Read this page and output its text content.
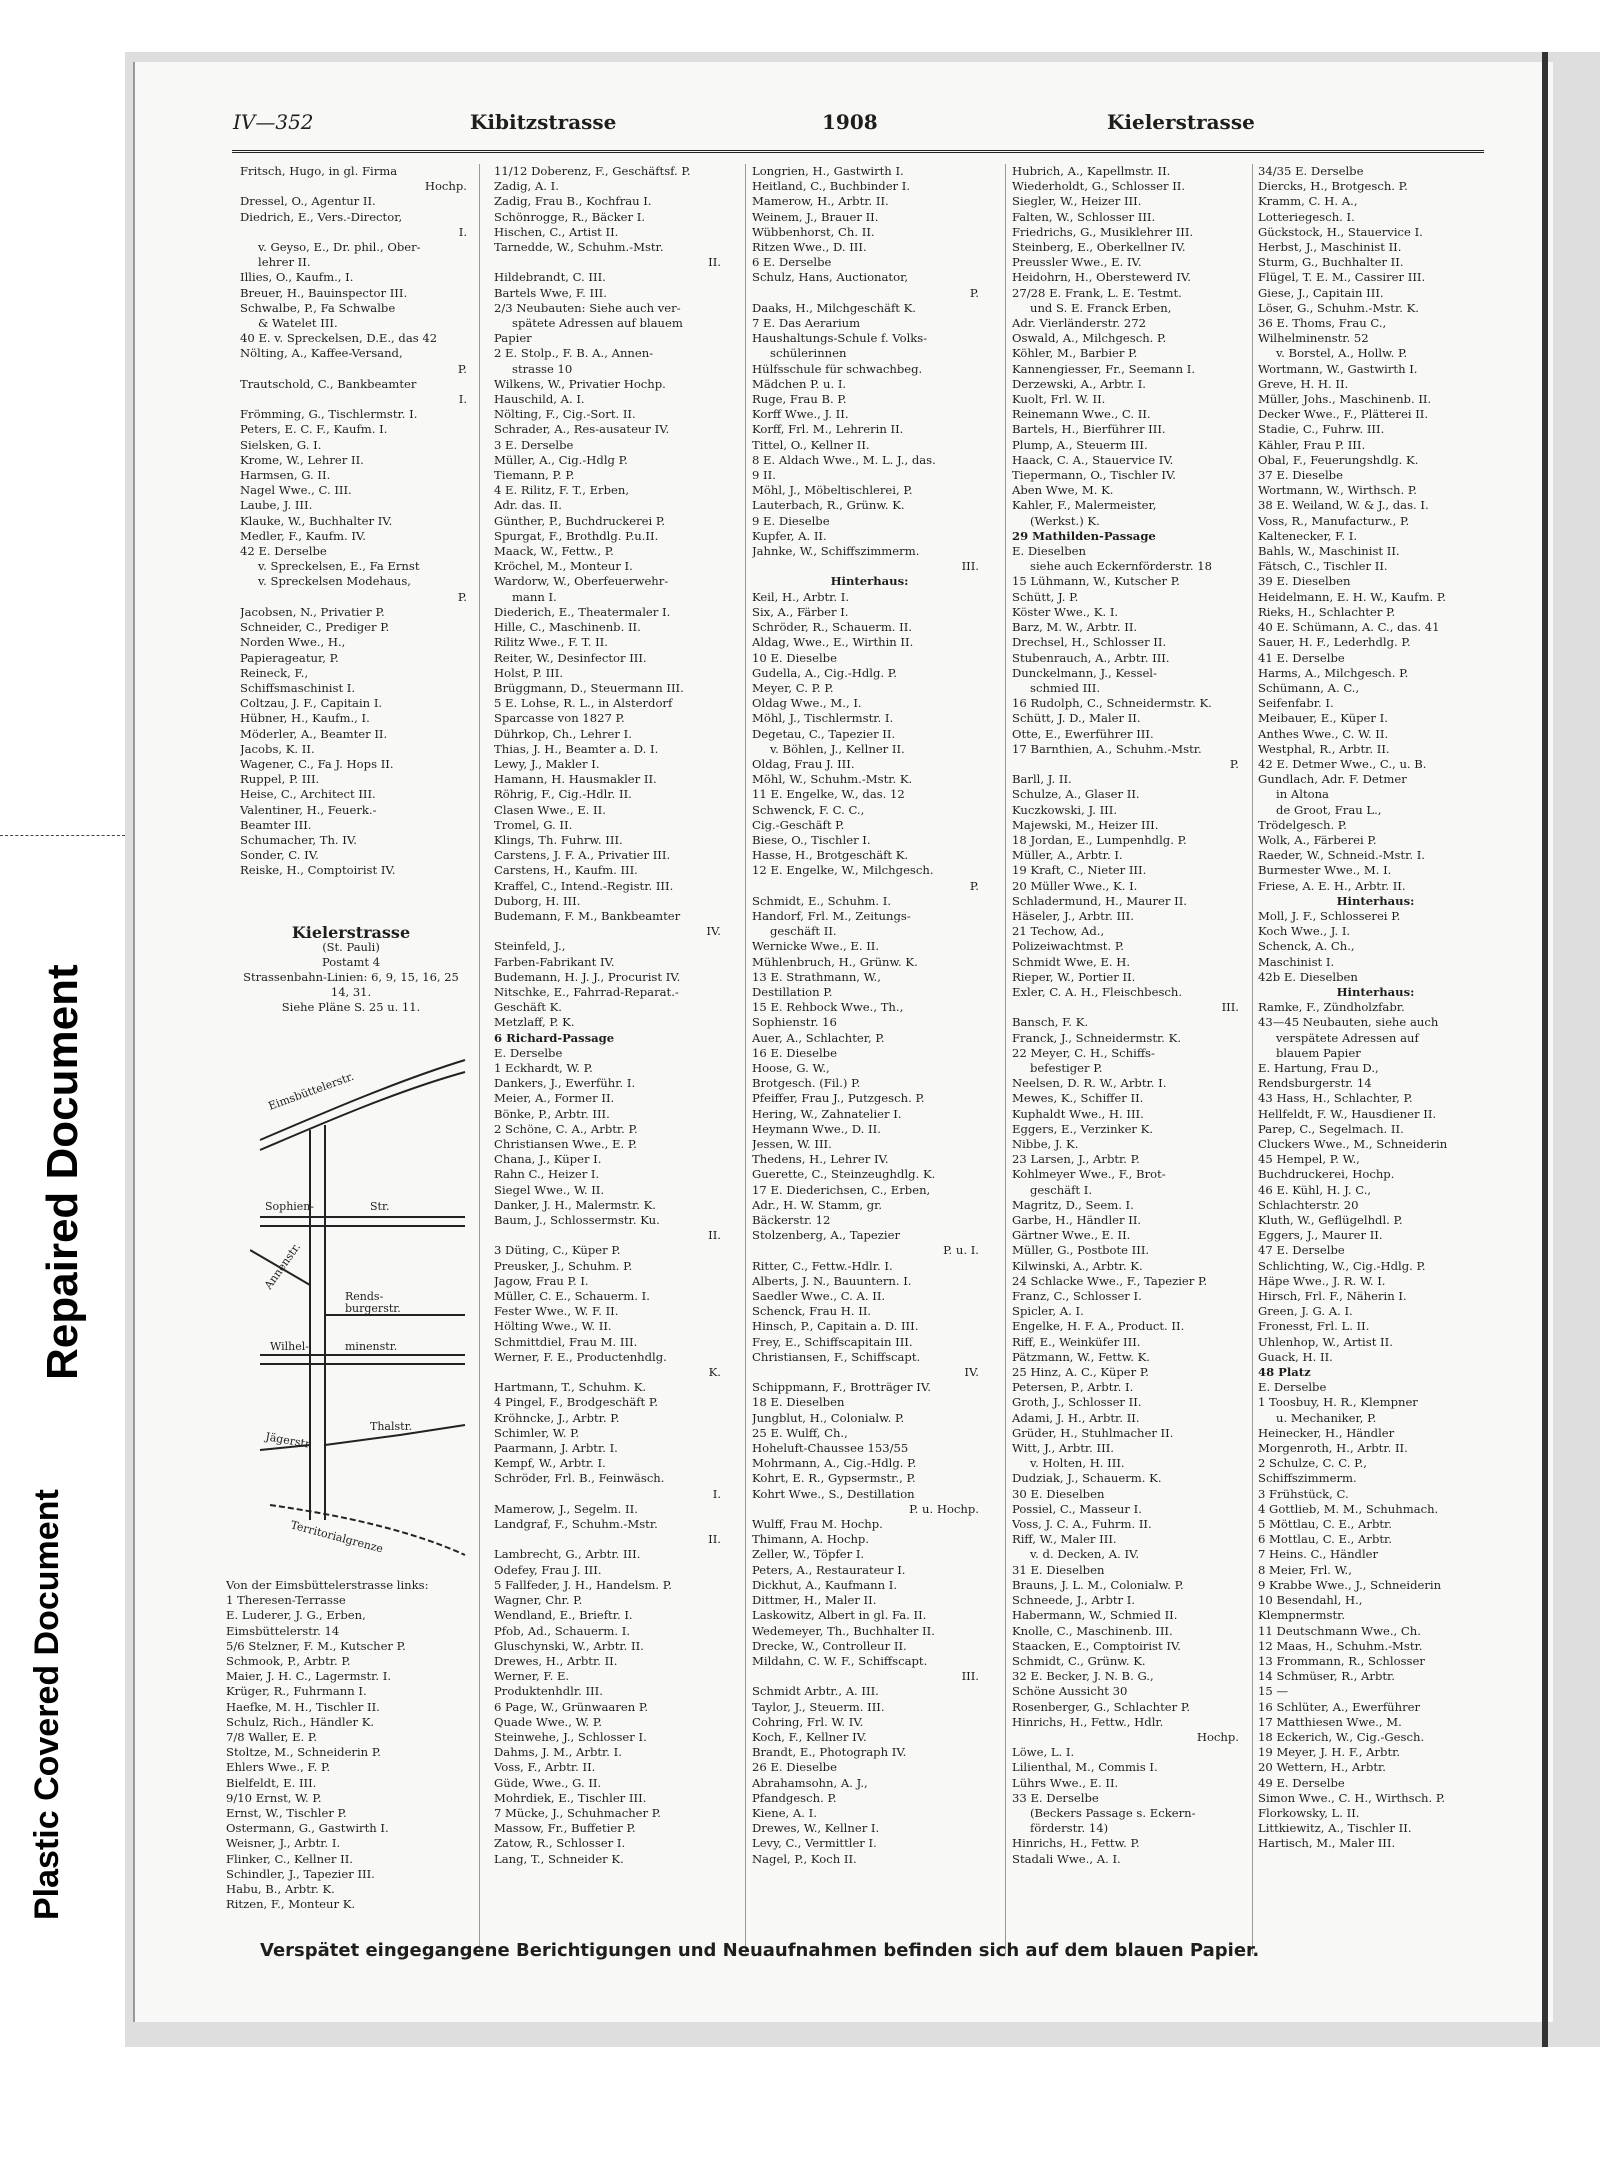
Plastic Covered Document
Repaired Document
IV—352	Kibitzstrasse	1908	Kielerstrasse
Fritsch, Hugo, in gl. Firma
Hochp.
Dressel, O., Agentur II.
Diedrich, E., Vers.-Director,
I.
v. Geyso, E., Dr. phil., Ober-
lehrer II.
Illies, O., Kaufm., I.
Breuer, H., Bauinspector III.
Schwalbe, P., Fa Schwalbe
& Watelet III.
40 E. v. Spreckelsen, D.E., das 42
Nölting, A., Kaffee-Versand,
P.
Trautschold, C., Bankbeamter
I.
Frömming, G., Tischlermstr. I.
Peters, E. C. F., Kaufm. I.
Sielsken, G. I.
Krome, W., Lehrer II.
Harmsen, G. II.
Nagel Wwe., C. III.
Laube, J. III.
Klauke, W., Buchhalter IV.
Medler, F., Kaufm. IV.
42 E. Derselbe
v. Spreckelsen, E., Fa Ernst
v. Spreckelsen Modehaus,
P.
Jacobsen, N., Privatier P.
Schneider, C., Prediger P.
Norden Wwe., H.,
Papierageatur, P.
Reineck, F.,
Schiffsmaschinist I.
Coltzau, J. F., Capitain I.
Hübner, H., Kaufm., I.
Möderler, A., Beamter II.
Jacobs, K. II.
Wagener, C., Fa J. Hops II.
Ruppel, P. III.
Heise, C., Architect III.
Valentiner, H., Feuerk.-
Beamter III.
Schumacher, Th. IV.
Sonder, C. IV.
Reiske, H., Comptoirist IV.
11/12 Doberenz, F., Geschäftsf. P.
Zadig, A. I.
Zadig, Frau B., Kochfrau I.
Schönrogge, R., Bäcker I.
Hischen, C., Artist II.
Tarnedde, W., Schuhm.-Mstr.
II.
Hildebrandt, C. III.
Bartels Wwe, F. III.
2/3 Neubauten: Siehe auch ver-
spätete Adressen auf blauem
Papier
2 E. Stolp., F. B. A., Annen-
strasse 10
Wilkens, W., Privatier Hochp.
Hauschild, A. I.
Nölting, F., Cig.-Sort. II.
Schrader, A., Res-ausateur IV.
3 E. Derselbe
Müller, A., Cig.-Hdlg P.
Tiemann, P. P.
4 E. Rilitz, F. T., Erben,
Adr. das. II.
Günther, P., Buchdruckerei P.
Spurgat, F., Brothdlg. P.u.II.
Maack, W., Fettw., P.
Kröchel, M., Monteur I.
Wardorw, W., Oberfeuerwehr-
mann I.
Diederich, E., Theatermaler I.
Hille, C., Maschinenb. II.
Rilitz Wwe., F. T. II.
Reiter, W., Desinfector III.
Holst, P. III.
Brüggmann, D., Steuermann III.
5 E. Lohse, R. L., in Alsterdorf
Sparcasse von 1827 P.
Dührkop, Ch., Lehrer I.
Thias, J. H., Beamter a. D. I.
Lewy, J., Makler I.
Hamann, H. Hausmakler II.
Röhrig, F., Cig.-Hdlr. II.
Clasen Wwe., E. II.
Tromel, G. II.
Klings, Th. Fuhrw. III.
Carstens, J. F. A., Privatier III.
Carstens, H., Kaufm. III.
Kraffel, C., Intend.-Registr. III.
Duborg, H. III.
Budemann, F. M., Bankbeamter
IV.
Steinfeld, J.,
Farben-Fabrikant IV.
Budemann, H. J. J., Procurist IV.
Nitschke, E., Fahrrad-Reparat.-
Geschäft K.
Metzlaff, P. K.
6 Richard-Passage
E. Derselbe
1 Eckhardt, W. P.
Dankers, J., Ewerführ. I.
Meier, A., Former II.
Bönke, P., Arbtr. III.
2 Schöne, C. A., Arbtr. P.
Christiansen Wwe., E. P.
Chana, J., Küper I.
Rahn C., Heizer I.
Siegel Wwe., W. II.
Danker, J. H., Malermstr. K.
Baum, J., Schlossermstr. Ku.
II.
3 Düting, C., Küper P.
Preusker, J., Schuhm. P.
Jagow, Frau P. I.
Müller, C. E., Schauerm. I.
Fester Wwe., W. F. II.
Hölting Wwe., W. II.
Schmittdiel, Frau M. III.
Werner, F. E., Productenhdlg.
K.
Hartmann, T., Schuhm. K.
4 Pingel, F., Brodgeschäft P.
Kröhncke, J., Arbtr. P.
Schimler, W. P.
Paarmann, J. Arbtr. I.
Kempf, W., Arbtr. I.
Schröder, Frl. B., Feinwäsch.
I.
Mamerow, J., Segelm. II.
Landgraf, F., Schuhm.-Mstr.
II.
Lambrecht, G., Arbtr. III.
Odefey, Frau J. III.
5 Fallfeder, J. H., Handelsm. P.
Wagner, Chr. P.
Wendland, E., Brieftr. I.
Pfob, Ad., Schauerm. I.
Gluschynski, W., Arbtr. II.
Drewes, H., Arbtr. II.
Werner, F. E.
Produktenhdlr. III.
6 Page, W., Grünwaaren P.
Quade Wwe., W. P.
Steinwehe, J., Schlosser I.
Dahms, J. M., Arbtr. I.
Voss, F., Arbtr. II.
Güde, Wwe., G. II.
Mohrdiek, E., Tischler III.
7 Mücke, J., Schuhmacher P.
Massow, Fr., Buffetier P.
Zatow, R., Schlosser I.
Lang, T., Schneider K.
Longrien, H., Gastwirth I.
Heitland, C., Buchbinder I.
Mamerow, H., Arbtr. II.
Weinem, J., Brauer II.
Wübbenhorst, Ch. II.
Ritzen Wwe., D. III.
6 E. Derselbe
Schulz, Hans, Auctionator,
P.
Daaks, H., Milchgeschäft K.
7 E. Das Aerarium
Haushaltungs-Schule f. Volks-
schülerinnen
Hülfsschule für schwachbeg.
Mädchen P. u. I.
Ruge, Frau B. P.
Korff Wwe., J. II.
Korff, Frl. M., Lehrerin II.
Tittel, O., Kellner II.
8 E. Aldach Wwe., M. L. J., das.
9 II.
Möhl, J., Möbeltischlerei, P.
Lauterbach, R., Grünw. K.
9 E. Dieselbe
Kupfer, A. II.
Jahnke, W., Schiffszimmerm.
III.
Hinterhaus:
Keil, H., Arbtr. I.
Six, A., Färber I.
Schröder, R., Schauerm. II.
Aldag, Wwe., E., Wirthin II.
10 E. Dieselbe
Gudella, A., Cig.-Hdlg. P.
Meyer, C. P. P.
Oldag Wwe., M., I.
Möhl, J., Tischlermstr. I.
Degetau, C., Tapezier II.
v. Böhlen, J., Kellner II.
Oldag, Frau J. III.
Möhl, W., Schuhm.-Mstr. K.
11 E. Engelke, W., das. 12
Schwenck, F. C. C.,
Cig.-Geschäft P.
Biese, O., Tischler I.
Hasse, H., Brotgeschäft K.
12 E. Engelke, W., Milchgesch.
P.
Schmidt, E., Schuhm. I.
Handorf, Frl. M., Zeitungs-
geschäft II.
Wernicke Wwe., E. II.
Mühlenbruch, H., Grünw. K.
13 E. Strathmann, W.,
Destillation P.
15 E. Rehbock Wwe., Th.,
Sophienstr. 16
Auer, A., Schlachter, P.
16 E. Dieselbe
Hoose, G. W.,
Brotgesch. (Fil.) P.
Pfeiffer, Frau J., Putzgesch. P.
Hering, W., Zahnatelier I.
Heymann Wwe., D. II.
Jessen, W. III.
Thedens, H., Lehrer IV.
Guerette, C., Steinzeughdlg. K.
17 E. Diederichsen, C., Erben,
Adr., H. W. Stamm, gr.
Bäckerstr. 12
Stolzenberg, A., Tapezier
P. u. I.
Ritter, C., Fettw.-Hdlr. I.
Alberts, J. N., Bauuntern. I.
Saedler Wwe., C. A. II.
Schenck, Frau H. II.
Hinsch, P., Capitain a. D. III.
Frey, E., Schiffscapitain III.
Christiansen, F., Schiffscapt.
IV.
Schippmann, F., Brotträger IV.
18 E. Dieselben
Jungblut, H., Colonialw. P.
25 E. Wulff, Ch.,
Hoheluft-Chaussee 153/55
Mohrmann, A., Cig.-Hdlg. P.
Kohrt, E. R., Gypsermstr., P.
Kohrt Wwe., S., Destillation
P. u. Hochp.
Wulff, Frau M. Hochp.
Thimann, A. Hochp.
Zeller, W., Töpfer I.
Peters, A., Restaurateur I.
Dickhut, A., Kaufmann I.
Dittmer, H., Maler II.
Laskowitz, Albert in gl. Fa. II.
Wedemeyer, Th., Buchhalter II.
Drecke, W., Controlleur II.
Mildahn, C. W. F., Schiffscapt.
III.
Schmidt Arbtr., A. III.
Taylor, J., Steuerm. III.
Cohring, Frl. W. IV.
Koch, F., Kellner IV.
Brandt, E., Photograph IV.
26 E. Dieselbe
Abrahamsohn, A. J.,
Pfandgesch. P.
Kiene, A. I.
Drewes, W., Kellner I.
Levy, C., Vermittler I.
Nagel, P., Koch II.
Hubrich, A., Kapellmstr. II.
Wiederholdt, G., Schlosser II.
Siegler, W., Heizer III.
Falten, W., Schlosser III.
Friedrichs, G., Musiklehrer III.
Steinberg, E., Oberkellner IV.
Preussler Wwe., E. IV.
Heidohrn, H., Oberstewerd IV.
27/28 E. Frank, L. E. Testmt.
und S. E. Franck Erben,
Adr. Vierländerstr. 272
Oswald, A., Milchgesch. P.
Köhler, M., Barbier P.
Kannengiesser, Fr., Seemann I.
Derzewski, A., Arbtr. I.
Kuolt, Frl. W. II.
Reinemann Wwe., C. II.
Bartels, H., Bierführer III.
Plump, A., Steuerm III.
Haack, C. A., Stauervice IV.
Tiepermann, O., Tischler IV.
Aben Wwe, M. K.
Kahler, F., Malermeister,
(Werkst.) K.
29 Mathilden-Passage
E. Dieselben
siehe auch Eckernförderstr. 18
15 Lühmann, W., Kutscher P.
Schütt, J. P.
Köster Wwe., K. I.
Barz, M. W., Arbtr. II.
Drechsel, H., Schlosser II.
Stubenrauch, A., Arbtr. III.
Dunckelmann, J., Kessel-
schmied III.
16 Rudolph, C., Schneidermstr. K.
Schütt, J. D., Maler II.
Otte, E., Ewerführer III.
17 Barnthien, A., Schuhm.-Mstr.
P.
Barll, J. II.
Schulze, A., Glaser II.
Kuczkowski, J. III.
Majewski, M., Heizer III.
18 Jordan, E., Lumpenhdlg. P.
Müller, A., Arbtr. I.
19 Kraft, C., Nieter III.
20 Müller Wwe., K. I.
Schladermund, H., Maurer II.
Häseler, J., Arbtr. III.
21 Techow, Ad.,
Polizeiwachtmst. P.
Schmidt Wwe, E. H.
Rieper, W., Portier II.
Exler, C. A. H., Fleischbesch.
III.
Bansch, F. K.
Franck, J., Schneidermstr. K.
22 Meyer, C. H., Schiffs-
befestiger P.
Neelsen, D. R. W., Arbtr. I.
Mewes, K., Schiffer II.
Kuphaldt Wwe., H. III.
Eggers, E., Verzinker K.
Nibbe, J. K.
23 Larsen, J., Arbtr. P.
Kohlmeyer Wwe., F., Brot-
geschäft I.
Magritz, D., Seem. I.
Garbe, H., Händler II.
Gärtner Wwe., E. II.
Müller, G., Postbote III.
Kilwinski, A., Arbtr. K.
24 Schlacke Wwe., F., Tapezier P.
Franz, C., Schlosser I.
Spicler, A. I.
Engelke, H. F. A., Product. II.
Riff, E., Weinküfer III.
Pätzmann, W., Fettw. K.
25 Hinz, A. C., Küper P.
Petersen, P., Arbtr. I.
Groth, J., Schlosser II.
Adami, J. H., Arbtr. II.
Grüder, H., Stuhlmacher II.
Witt, J., Arbtr. III.
v. Holten, H. III.
Dudziak, J., Schauerm. K.
30 E. Dieselben
Possiel, C., Masseur I.
Voss, J. C. A., Fuhrm. II.
Riff, W., Maler III.
v. d. Decken, A. IV.
31 E. Dieselben
Brauns, J. L. M., Colonialw. P.
Schneede, J., Arbtr I.
Habermann, W., Schmied II.
Knolle, C., Maschinenb. III.
Staacken, E., Comptoirist IV.
Schmidt, C., Grünw. K.
32 E. Becker, J. N. B. G.,
Schöne Aussicht 30
Rosenberger, G., Schlachter P.
Hinrichs, H., Fettw., Hdlr.
Hochp.
Löwe, L. I.
Lilienthal, M., Commis I.
Lührs Wwe., E. II.
33 E. Derselbe
(Beckers Passage s. Eckern-
förderstr. 14)
Hinrichs, H., Fettw. P.
Stadali Wwe., A. I.
34/35 E. Derselbe
Diercks, H., Brotgesch. P.
Kramm, C. H. A.,
Lotteriegesch. I.
Gückstock, H., Stauervice I.
Herbst, J., Maschinist II.
Sturm, G., Buchhalter II.
Flügel, T. E. M., Cassirer III.
Giese, J., Capitain III.
Löser, G., Schuhm.-Mstr. K.
36 E. Thoms, Frau C.,
Wilhelminenstr. 52
v. Borstel, A., Hollw. P.
Wortmann, W., Gastwirth I.
Greve, H. H. II.
Müller, Johs., Maschinenb. II.
Decker Wwe., F., Plätterei II.
Stadie, C., Fuhrw. III.
Kähler, Frau P. III.
Obal, F., Feuerungshdlg. K.
37 E. Dieselbe
Wortmann, W., Wirthsch. P.
38 E. Weiland, W. & J., das. I.
Voss, R., Manufacturw., P.
Kaltenecker, F. I.
Bahls, W., Maschinist II.
Fätsch, C., Tischler II.
39 E. Dieselben
Heidelmann, E. H. W., Kaufm. P.
Rieks, H., Schlachter P.
40 E. Schümann, A. C., das. 41
Sauer, H. F., Lederhdlg. P.
41 E. Derselbe
Harms, A., Milchgesch. P.
Schümann, A. C.,
Seifenfabr. I.
Meibauer, E., Küper I.
Anthes Wwe., C. W. II.
Westphal, R., Arbtr. II.
42 E. Detmer Wwe., C., u. B.
Gundlach, Adr. F. Detmer
in Altona
de Groot, Frau L.,
Trödelgesch. P.
Wolk, A., Färberei P.
Raeder, W., Schneid.-Mstr. I.
Burmester Wwe., M. I.
Friese, A. E. H., Arbtr. II.
Hinterhaus:
Moll, J. F., Schlosserei P.
Koch Wwe., J. I.
Schenck, A. Ch.,
Maschinist I.
42b E. Dieselben
Hinterhaus:
Ramke, F., Zündholzfabr.
43—45 Neubauten, siehe auch
verspätete Adressen auf
blauem Papier
E. Hartung, Frau D.,
Rendsburgerstr. 14
43 Hass, H., Schlachter, P.
Hellfeldt, F. W., Hausdiener II.
Parep, C., Segelmach. II.
Cluckers Wwe., M., Schneiderin
45 Hempel, P. W.,
Buchdruckerei, Hochp.
46 E. Kühl, H. J. C.,
Schlachterstr. 20
Kluth, W., Geflügelhdl. P.
Eggers, J., Maurer II.
47 E. Derselbe
Schlichting, W., Cig.-Hdlg. P.
Häpe Wwe., J. R. W. I.
Hirsch, Frl. F., Näherin I.
Green, J. G. A. I.
Fronesst, Frl. L. II.
Uhlenhop, W., Artist II.
Guack, H. II.
48 Platz
E. Derselbe
1 Toosbuy, H. R., Klempner
u. Mechaniker, P.
Heinecker, H., Händler
Morgenroth, H., Arbtr. II.
2 Schulze, C. C. P.,
Schiffszimmerm.
3 Frühstück, C.
4 Gottlieb, M. M., Schuhmach.
5 Möttlau, C. E., Arbtr.
6 Mottlau, C. E., Arbtr.
7 Heins. C., Händler
8 Meier, Frl. W.,
9 Krabbe Wwe., J., Schneiderin
10 Besendahl, H.,
Klempnermstr.
11 Deutschmann Wwe., Ch.
12 Maas, H., Schuhm.-Mstr.
13 Frommann, R., Schlosser
14 Schmüser, R., Arbtr.
15 —
16 Schlüter, A., Ewerführer
17 Matthiesen Wwe., M.
18 Eckerich, W., Cig.-Gesch.
19 Meyer, J. H. F., Arbtr.
20 Wettern, H., Arbtr.
49 E. Derselbe
Simon Wwe., C. H., Wirthsch. P.
Florkowsky, L. II.
Littkiewitz, A., Tischler II.
Hartisch, M., Maler III.
Kielerstrasse
(St. Pauli)
Postamt 4
Strassenbahn-Linien: 6, 9, 15, 16, 25
14, 31.
Siehe Pläne S. 25 u. 11.
Eimsbüttelerstr.
Sophien-	Str.
Annenstr.
Rends-
burgerstr.
Wilhel-	minenstr.
Jägerstr.
Thalstr.
Territorialgrenze
Von der Eimsbüttelerstrasse links:
1 Theresen-Terrasse
E. Luderer, J. G., Erben,
Eimsbüttelerstr. 14
5/6 Stelzner, F. M., Kutscher P.
Schmook, P., Arbtr. P.
Maier, J. H. C., Lagermstr. I.
Krüger, R., Fuhrmann I.
Haefke, M. H., Tischler II.
Schulz, Rich., Händler K.
7/8 Waller, E. P.
Stoltze, M., Schneiderin P.
Ehlers Wwe., F. P.
Bielfeldt, E. III.
9/10 Ernst, W. P.
Ernst, W., Tischler P.
Ostermann, G., Gastwirth I.
Weisner, J., Arbtr. I.
Flinker, C., Kellner II.
Schindler, J., Tapezier III.
Habu, B., Arbtr. K.
Ritzen, F., Monteur K.
Verspätet eingegangene Berichtigungen und Neuaufnahmen befinden sich auf dem blauen Papier.
